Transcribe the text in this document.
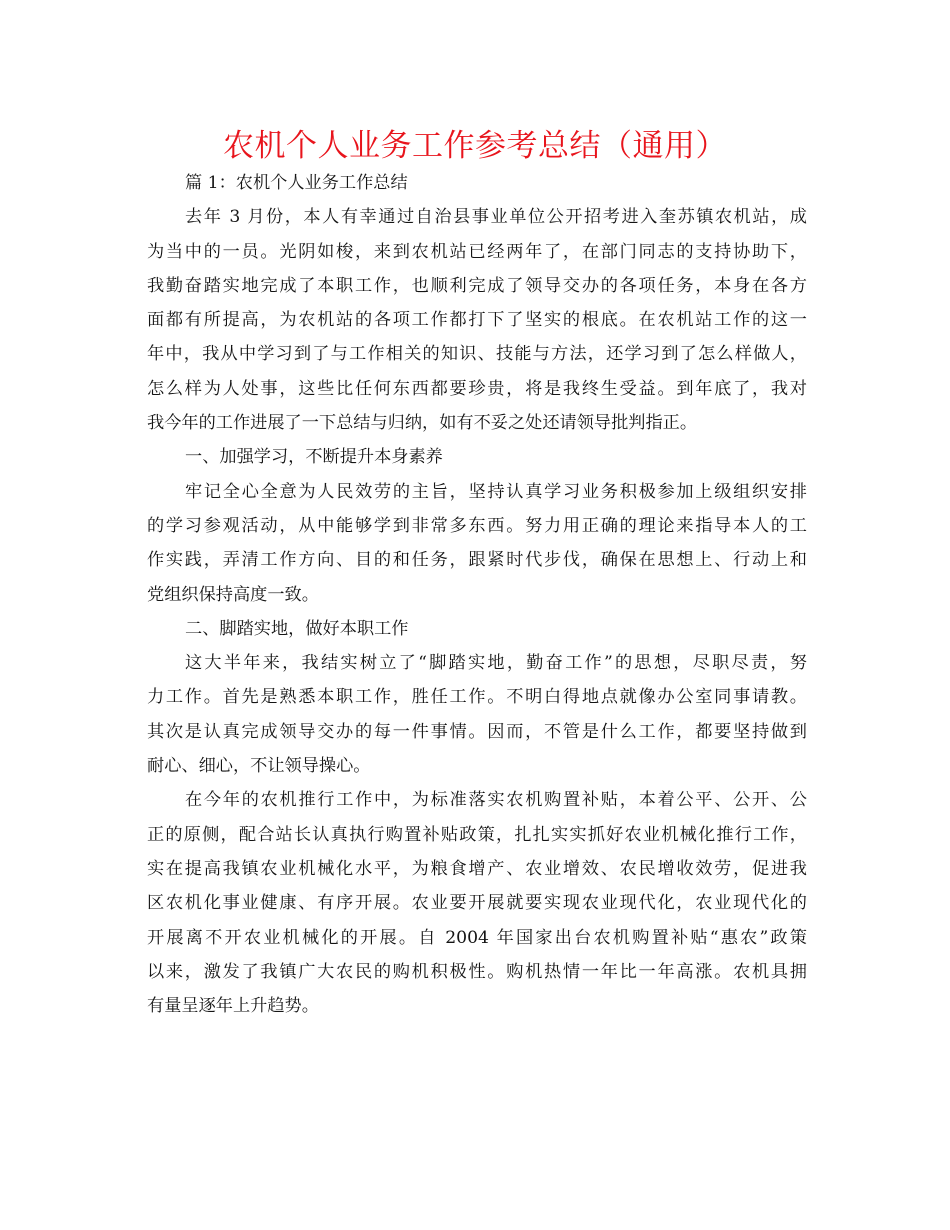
农机个人业务工作参考总结（通用）
篇 1：农机个人业务工作总结
去年 3 月份，本人有幸通过自治县事业单位公开招考进入奎苏镇农机站，成
为当中的一员。光阴如梭，来到农机站已经两年了，在部门同志的支持协助下，
我勤奋踏实地完成了本职工作，也顺利完成了领导交办的各项任务，本身在各方
面都有所提高，为农机站的各项工作都打下了坚实的根底。在农机站工作的这一
年中，我从中学习到了与工作相关的知识、技能与方法，还学习到了怎么样做人，
怎么样为人处事，这些比任何东西都要珍贵，将是我终生受益。到年底了，我对
我今年的工作进展了一下总结与归纳，如有不妥之处还请领导批判指正。
一、加强学习，不断提升本身素养
牢记全心全意为人民效劳的主旨，坚持认真学习业务积极参加上级组织安排
的学习参观活动，从中能够学到非常多东西。努力用正确的理论来指导本人的工
作实践，弄清工作方向、目的和任务，跟紧时代步伐，确保在思想上、行动上和
党组织保持高度一致。
二、脚踏实地，做好本职工作
这大半年来，我结实树立了“脚踏实地，勤奋工作”的思想，尽职尽责，努
力工作。首先是熟悉本职工作，胜任工作。不明白得地点就像办公室同事请教。
其次是认真完成领导交办的每一件事情。因而，不管是什么工作，都要坚持做到
耐心、细心，不让领导操心。
在今年的农机推行工作中，为标准落实农机购置补贴，本着公平、公开、公
正的原侧，配合站长认真执行购置补贴政策，扎扎实实抓好农业机械化推行工作，
实在提高我镇农业机械化水平，为粮食增产、农业增效、农民增收效劳，促进我
区农机化事业健康、有序开展。农业要开展就要实现农业现代化，农业现代化的
开展离不开农业机械化的开展。自 2004 年国家出台农机购置补贴“惠农”政策
以来，激发了我镇广大农民的购机积极性。购机热情一年比一年高涨。农机具拥
有量呈逐年上升趋势。
